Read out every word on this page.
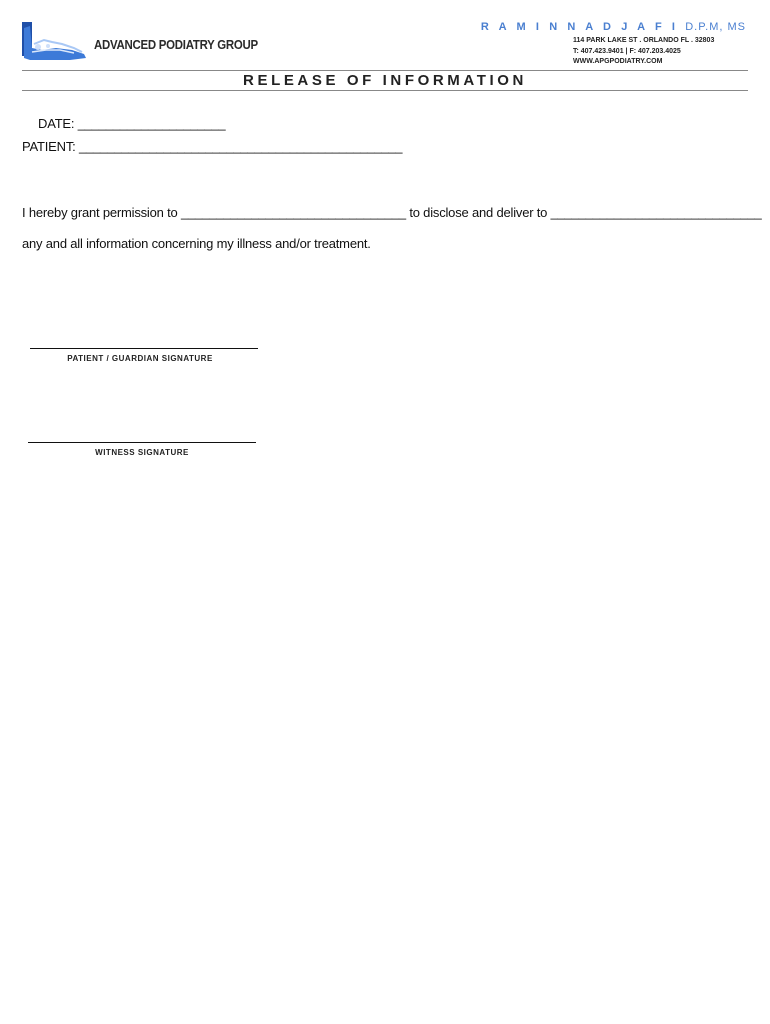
ADVANCED PODIATRY GROUP
R A M I N N A D J A F I D.P.M, MS
114 PARK LAKE ST . ORLANDO FL . 32803
T: 407.423.9401 | F: 407.203.4025
WWW.APGPODIATRY.COM
RELEASE OF INFORMATION
DATE: _____________________
PATIENT: ______________________________________________
I hereby grant permission to ________________________________ to disclose and deliver to ______________________________
any and all information concerning my illness and/or treatment.
PATIENT / GUARDIAN SIGNATURE
WITNESS SIGNATURE
